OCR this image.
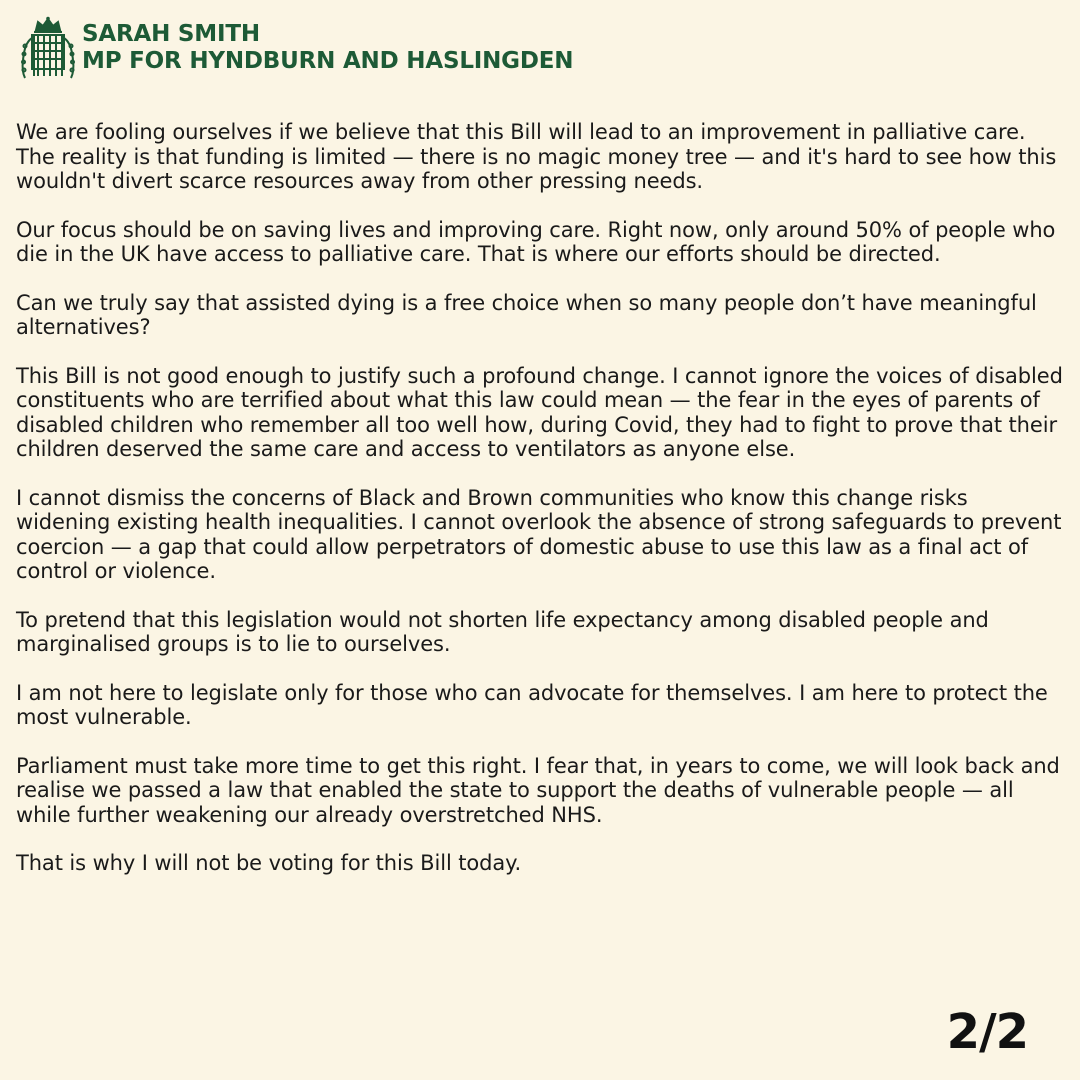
SARAH SMITH
MP FOR HYNDBURN AND HASLINGDEN

We are fooling ourselves if we believe that this Bill will lead to an improvement in palliative care. The reality is that funding is limited — there is no magic money tree — and it's hard to see how this wouldn't divert scarce resources away from other pressing needs.

Our focus should be on saving lives and improving care. Right now, only around 50% of people who die in the UK have access to palliative care. That is where our efforts should be directed.

Can we truly say that assisted dying is a free choice when so many people don’t have meaningful alternatives?

This Bill is not good enough to justify such a profound change. I cannot ignore the voices of disabled constituents who are terrified about what this law could mean — the fear in the eyes of parents of disabled children who remember all too well how, during Covid, they had to fight to prove that their children deserved the same care and access to ventilators as anyone else.

I cannot dismiss the concerns of Black and Brown communities who know this change risks widening existing health inequalities. I cannot overlook the absence of strong safeguards to prevent coercion — a gap that could allow perpetrators of domestic abuse to use this law as a final act of control or violence.

To pretend that this legislation would not shorten life expectancy among disabled people and marginalised groups is to lie to ourselves.

I am not here to legislate only for those who can advocate for themselves. I am here to protect the most vulnerable.

Parliament must take more time to get this right. I fear that, in years to come, we will look back and realise we passed a law that enabled the state to support the deaths of vulnerable people — all while further weakening our already overstretched NHS.

That is why I will not be voting for this Bill today.

2/2
